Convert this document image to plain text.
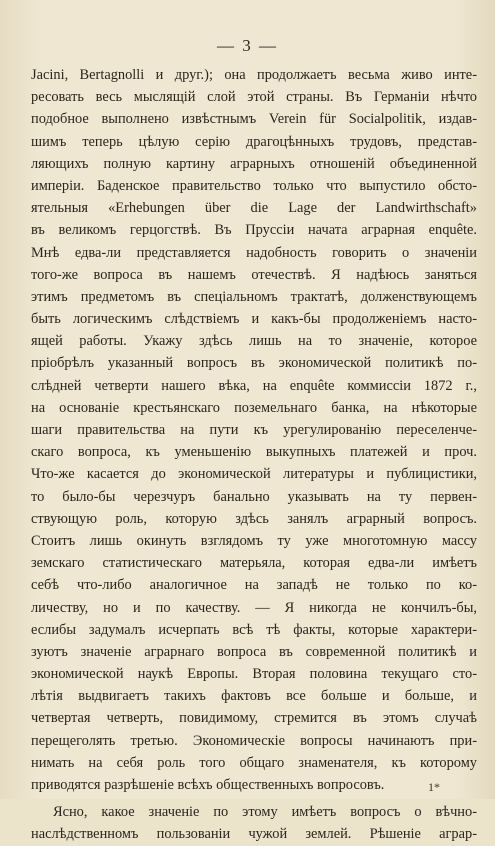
— 3 —
Jacini, Bertagnolli и друг.); она продолжаетъ весьма живо инте-
ресовать весь мыслящій слой этой страны. Въ Германіи нѣчто
подобное выполнено извѣстнымъ Verein für Socialpolitik, издав-
шимъ теперь цѣлую серію драгоцѣнныхъ трудовъ, представ-
ляющихъ полную картину аграрныхъ отношеній объединенной
имперіи. Баденское правительство только что выпустило обсто-
ятельныя «Erhebungen über die Lage der Landwirthschaft»
въ великомъ герцогствѣ. Въ Пруссіи начата аграрная enquête.
Мнѣ едва-ли представляется надобность говорить о значеніи
того-же вопроса въ нашемъ отечествѣ. Я надѣюсь заняться
этимъ предметомъ въ спеціальномъ трактатѣ, долженствующемъ
быть логическимъ слѣдствіемъ и какъ-бы продолженіемъ насто-
ящей работы. Укажу здѣсь лишь на то значеніе, которое
пріобрѣлъ указанный вопросъ въ экономической политикѣ по-
слѣдней четверти нашего вѣка, на enquête коммиссіи 1872 г.,
на основаніе крестьянскаго поземельнаго банка, на нѣкоторые
шаги правительства на пути къ урегулированію переселенче-
скаго вопроса, къ уменьшенію выкупныхъ платежей и проч.
Что-же касается до экономической литературы и публицистики,
то было-бы черезчуръ банально указывать на ту первен-
ствующую роль, которую здѣсь занялъ аграрный вопросъ.
Стоитъ лишь окинуть взглядомъ ту уже многотомную массу
земскаго статистическаго матерьяла, которая едва-ли имѣетъ
себѣ что-либо аналогичное на западѣ не только по ко-
личеству, но и по качеству. — Я никогда не кончилъ-бы,
еслибы задумалъ исчерпать всѣ тѣ факты, которые характери-
зуютъ значеніе аграрнаго вопроса въ современной политикѣ и
экономической наукѣ Европы. Вторая половина текущаго сто-
лѣтія выдвигаетъ такихъ фактовъ все больше и больше, и
четвертая четверть, повидимому, стремится въ этомъ случаѣ
перещеголять третью. Экономическіе вопросы начинаютъ при-
нимать на себя роль того общаго знаменателя, къ которому
приводятся разрѣшеніе всѣхъ общественныхъ вопросовъ.
Ясно, какое значеніе по этому имѣетъ вопросъ о вѣчно-
наслѣдственномъ пользованіи чужой землей. Рѣшеніе аграр-
1*
